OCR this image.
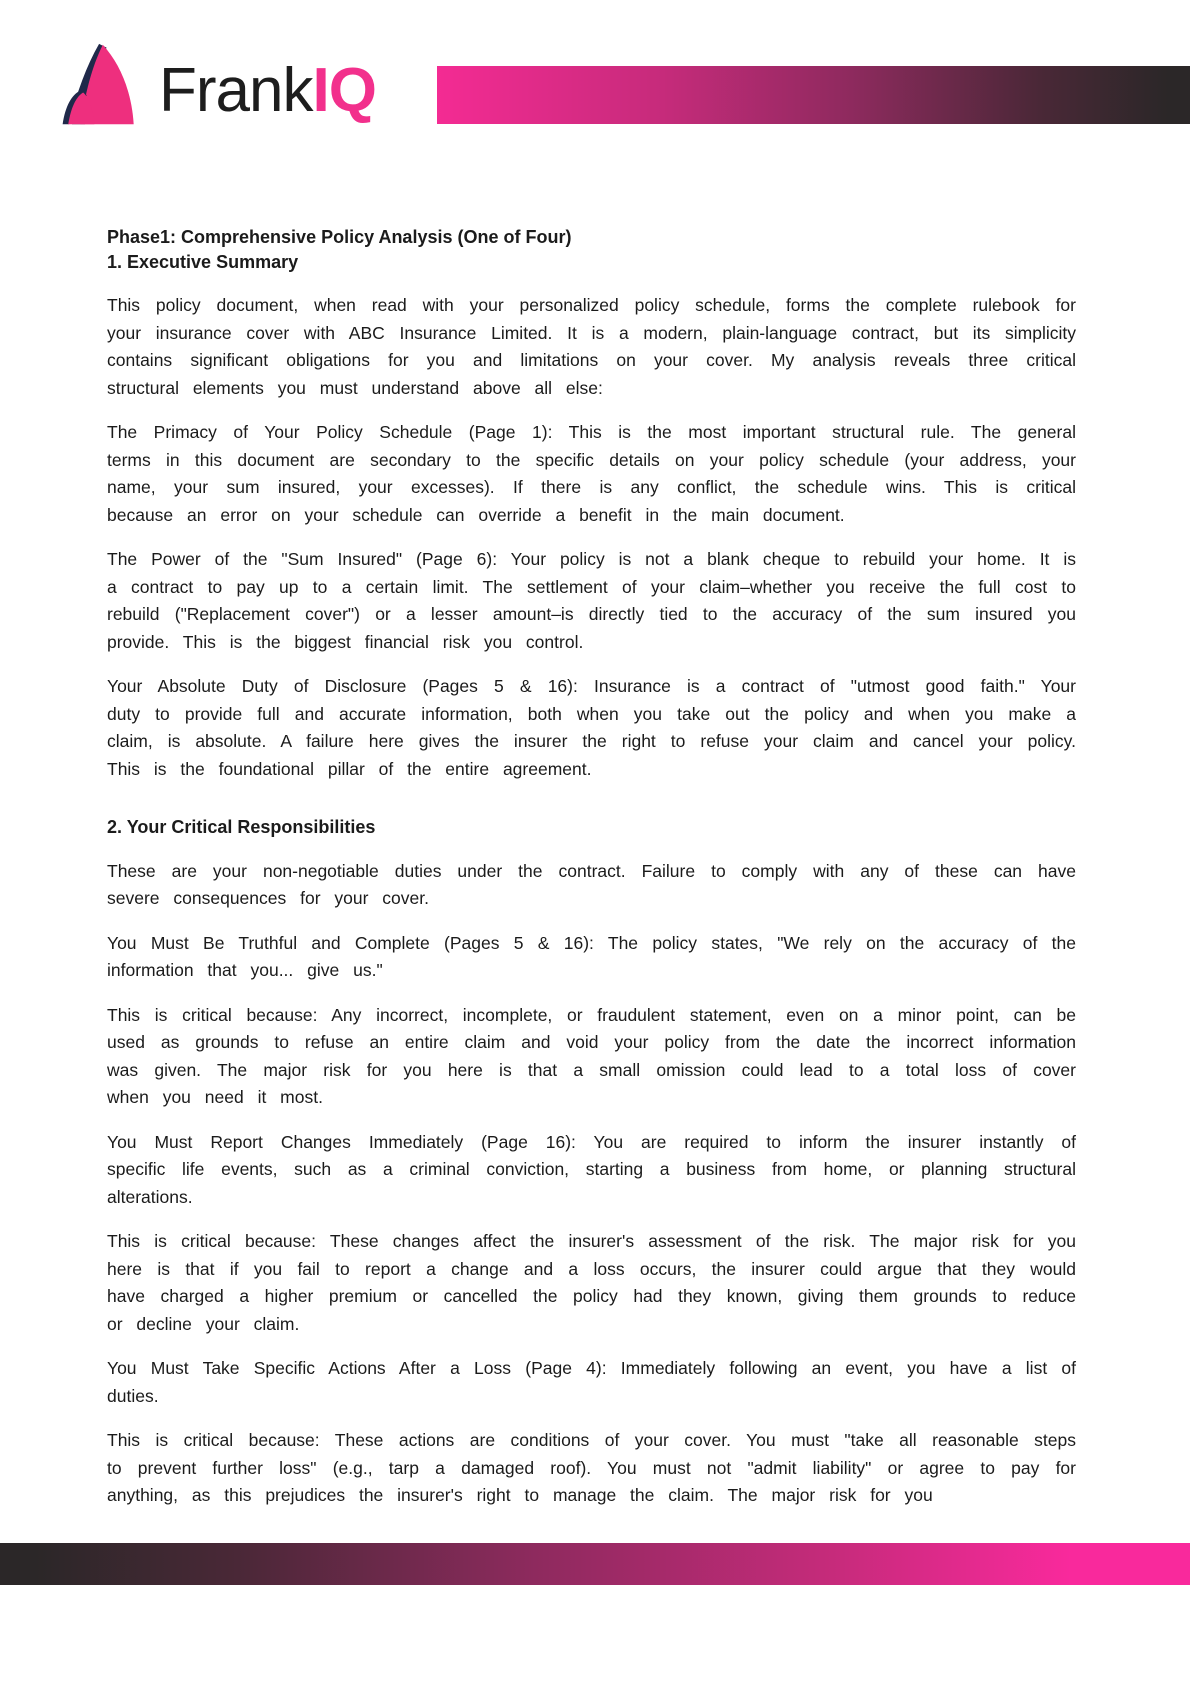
FrankIQ
Phase1: Comprehensive Policy Analysis (One of Four)
1. Executive Summary

This policy document, when read with your personalized policy schedule, forms the complete rulebook for your insurance cover with ABC Insurance Limited. It is a modern, plain-language contract, but its simplicity contains significant obligations for you and limitations on your cover. My analysis reveals three critical structural elements you must understand above all else:

The Primacy of Your Policy Schedule (Page 1): This is the most important structural rule. The general terms in this document are secondary to the specific details on your policy schedule (your address, your name, your sum insured, your excesses). If there is any conflict, the schedule wins. This is critical because an error on your schedule can override a benefit in the main document.

The Power of the "Sum Insured" (Page 6): Your policy is not a blank cheque to rebuild your home. It is a contract to pay up to a certain limit. The settlement of your claim–whether you receive the full cost to rebuild ("Replacement cover") or a lesser amount–is directly tied to the accuracy of the sum insured you provide. This is the biggest financial risk you control.

Your Absolute Duty of Disclosure (Pages 5 & 16): Insurance is a contract of "utmost good faith." Your duty to provide full and accurate information, both when you take out the policy and when you make a claim, is absolute. A failure here gives the insurer the right to refuse your claim and cancel your policy. This is the foundational pillar of the entire agreement.

2. Your Critical Responsibilities

These are your non-negotiable duties under the contract. Failure to comply with any of these can have severe consequences for your cover.

You Must Be Truthful and Complete (Pages 5 & 16): The policy states, "We rely on the accuracy of the information that you... give us."

This is critical because: Any incorrect, incomplete, or fraudulent statement, even on a minor point, can be used as grounds to refuse an entire claim and void your policy from the date the incorrect information was given. The major risk for you here is that a small omission could lead to a total loss of cover when you need it most.

You Must Report Changes Immediately (Page 16): You are required to inform the insurer instantly of specific life events, such as a criminal conviction, starting a business from home, or planning structural alterations.

This is critical because: These changes affect the insurer's assessment of the risk. The major risk for you here is that if you fail to report a change and a loss occurs, the insurer could argue that they would have charged a higher premium or cancelled the policy had they known, giving them grounds to reduce or decline your claim.

You Must Take Specific Actions After a Loss (Page 4): Immediately following an event, you have a list of duties.

This is critical because: These actions are conditions of your cover. You must "take all reasonable steps to prevent further loss" (e.g., tarp a damaged roof). You must not "admit liability" or agree to pay for anything, as this prejudices the insurer's right to manage the claim. The major risk for you
